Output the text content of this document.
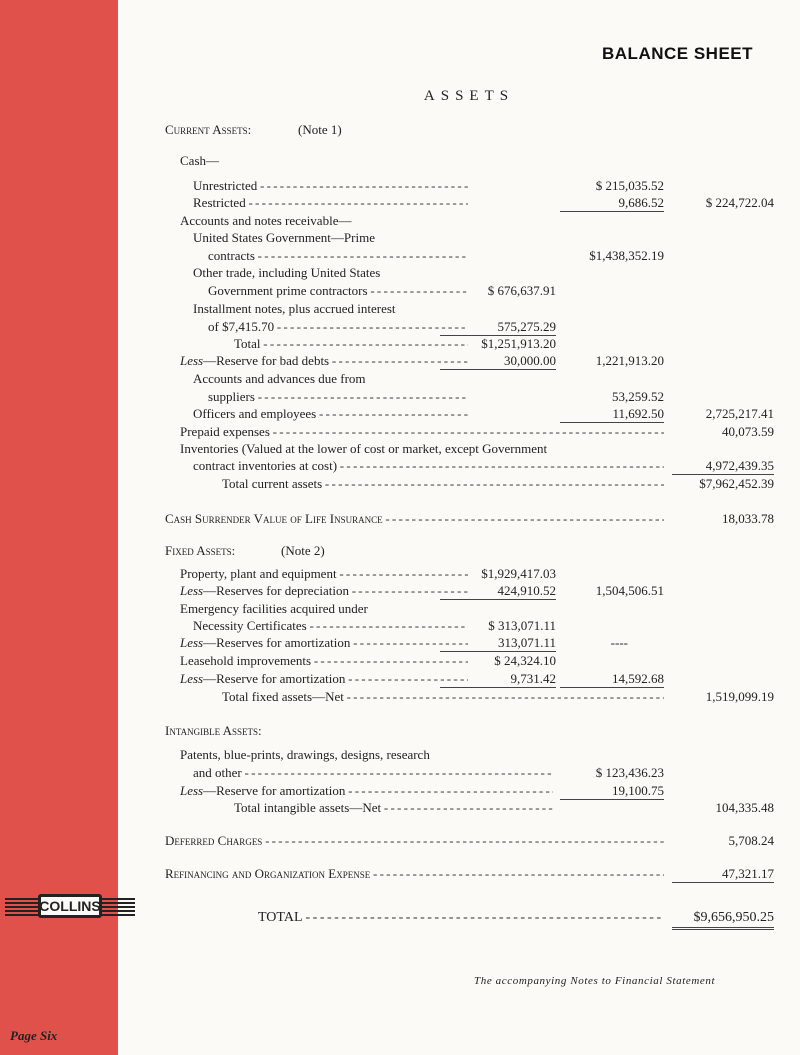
COLLINS
Page Six
BALANCE SHEET
ASSETS
Current Assets:	(Note 1)
Cash—
Unrestricted - - -	$ 215,035.52
Restricted - - -	9,686.52	$ 224,722.04
Accounts and notes receivable—
United States Government—Prime
contracts - - -	$1,438,352.19
Other trade, including United States
Government prime contractors - - -	$ 676,637.91
Installment notes, plus accrued interest
of $7,415.70 - - -	575,275.29
Total - - -	$1,251,913.20
Less—Reserve for bad debts - - -	30,000.00	1,221,913.20
Accounts and advances due from
suppliers - - -	53,259.52
Officers and employees - - -	11,692.50	2,725,217.41
Prepaid expenses - - -	40,073.59
Inventories (Valued at the lower of cost or market, except Government
contract inventories at cost) - - -	4,972,439.35
Total current assets - - -	$7,962,452.39
Cash Surrender Value of Life Insurance - - -	18,033.78
Fixed Assets:	(Note 2)
Property, plant and equipment - - -	$1,929,417.03
Less—Reserves for depreciation - - -	424,910.52	1,504,506.51
Emergency facilities acquired under
Necessity Certificates - - -	$ 313,071.11
Less—Reserves for amortization - - -	313,071.11	----
Leasehold improvements - - -	$ 24,324.10
Less—Reserve for amortization - - -	9,731.42	14,592.68
Total fixed assets—Net - - -	1,519,099.19
Intangible Assets:
Patents, blue-prints, drawings, designs, research
and other - - -	$ 123,436.23
Less—Reserve for amortization - - -	19,100.75
Total intangible assets—Net - - -	104,335.48
Deferred Charges - - -	5,708.24
Refinancing and Organization Expense - - -	47,321.17
TOTAL - - -	$9,656,950.25
The accompanying Notes to Financial Statement
